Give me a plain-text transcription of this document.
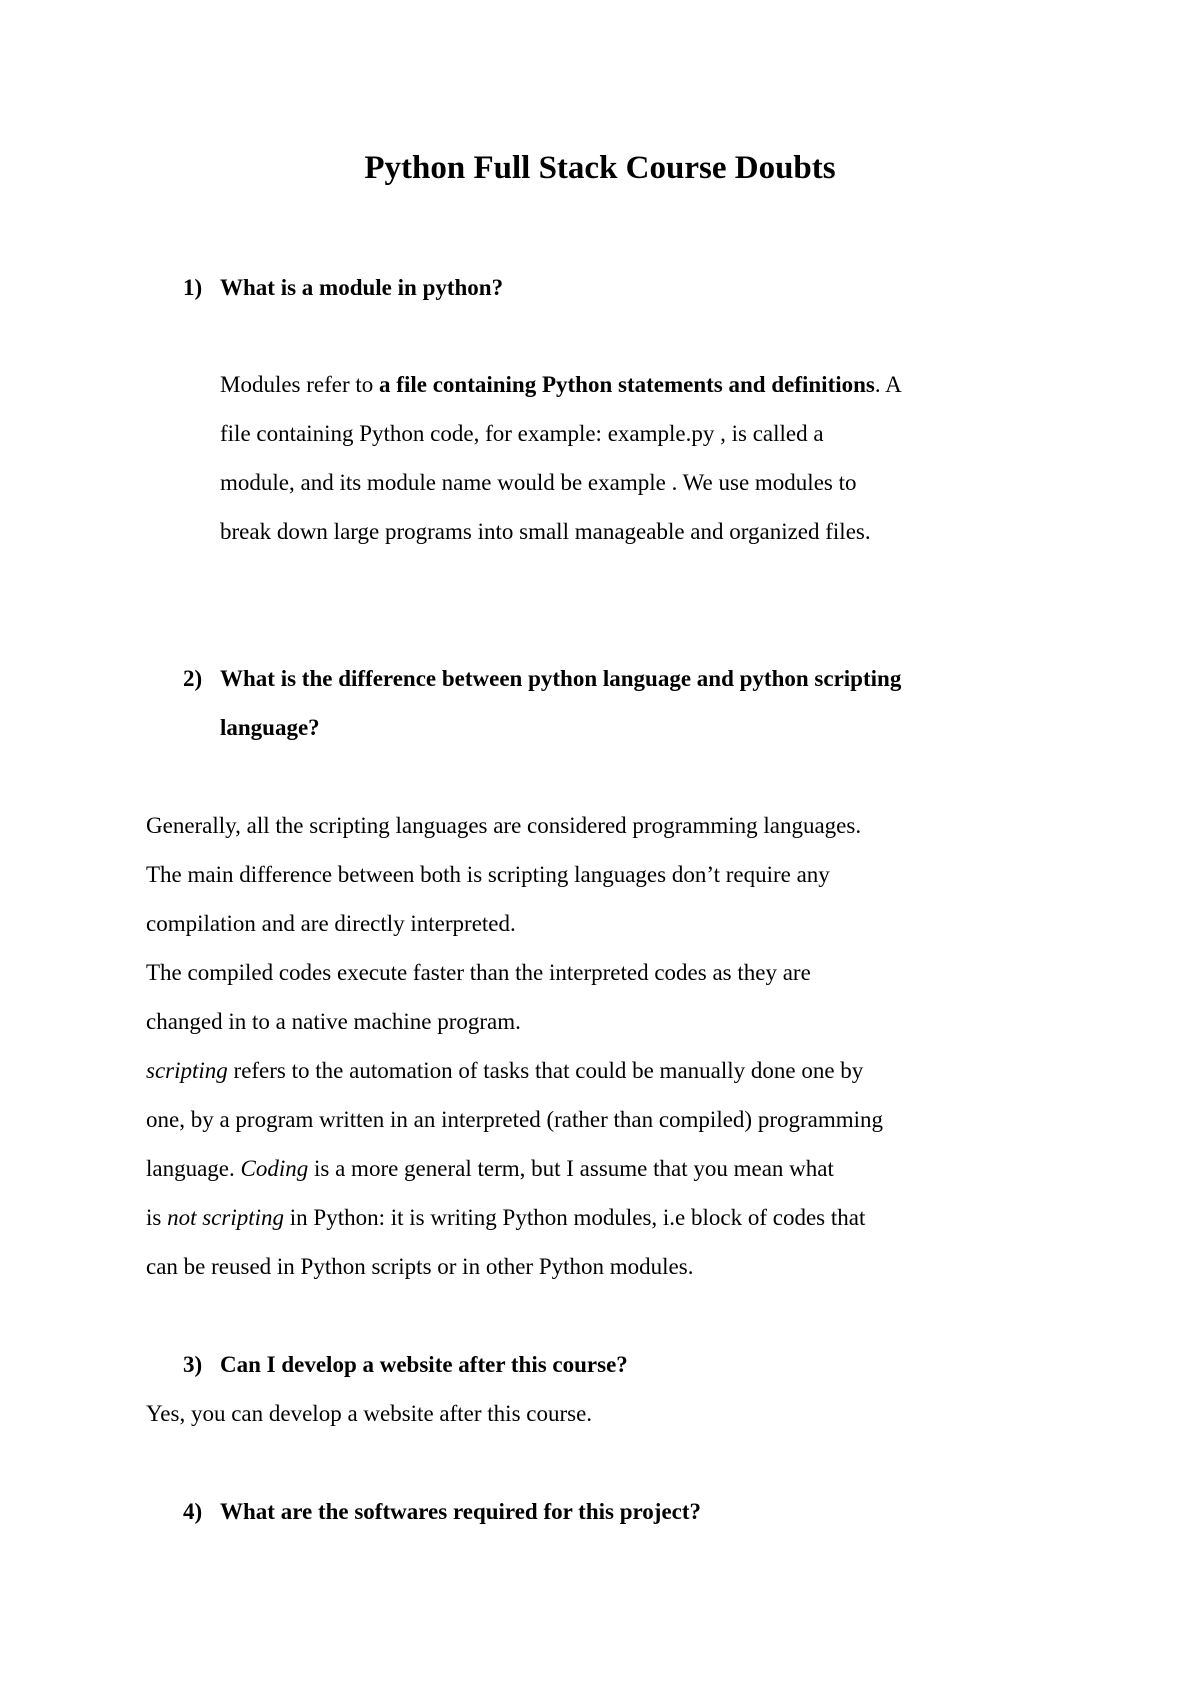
Python Full Stack Course Doubts
1) What is a module in python?
Modules refer to a file containing Python statements and definitions. A
file containing Python code, for example: example.py , is called a
module, and its module name would be example . We use modules to
break down large programs into small manageable and organized files.
2) What is the difference between python language and python scripting
language?
Generally, all the scripting languages are considered programming languages.
The main difference between both is scripting languages don’t require any
compilation and are directly interpreted.
The compiled codes execute faster than the interpreted codes as they are
changed in to a native machine program.
scripting refers to the automation of tasks that could be manually done one by
one, by a program written in an interpreted (rather than compiled) programming
language. Coding is a more general term, but I assume that you mean what
is not scripting in Python: it is writing Python modules, i.e block of codes that
can be reused in Python scripts or in other Python modules.
3) Can I develop a website after this course?
Yes, you can develop a website after this course.
4) What are the softwares required for this project?
